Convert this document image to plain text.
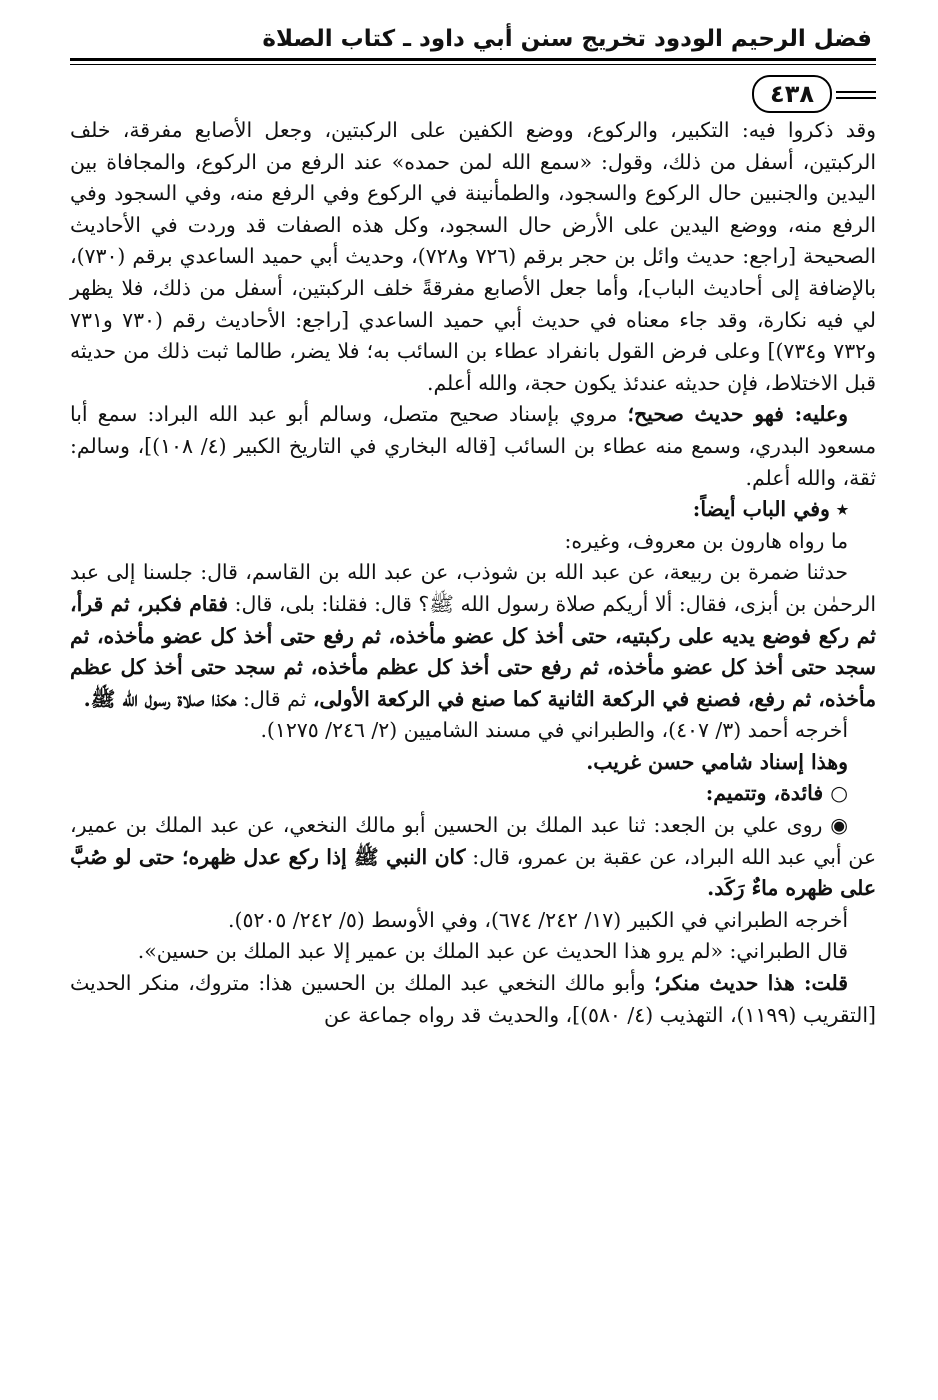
فضل الرحيم الودود تخريج سنن أبي داود ـ كتاب الصلاة
٤٣٨

وقد ذكروا فيه: التكبير، والركوع، ووضع الكفين على الركبتين، وجعل الأصابع مفرقة، خلف الركبتين، أسفل من ذلك، وقول: «سمع الله لمن حمده» عند الرفع من الركوع، والمجافاة بين اليدين والجنبين حال الركوع والسجود، والطمأنينة في الركوع وفي الرفع منه، وفي السجود وفي الرفع منه، ووضع اليدين على الأرض حال السجود، وكل هذه الصفات قد وردت في الأحاديث الصحيحة [راجع: حديث وائل بن حجر برقم (٧٢٦ و٧٢٨)، وحديث أبي حميد الساعدي برقم (٧٣٠)، بالإضافة إلى أحاديث الباب]، وأما جعل الأصابع مفرقةً خلف الركبتين، أسفل من ذلك، فلا يظهر لي فيه نكارة، وقد جاء معناه في حديث أبي حميد الساعدي [راجع: الأحاديث رقم (٧٣٠ و٧٣١ و٧٣٢ و٧٣٤)] وعلى فرض القول بانفراد عطاء بن السائب به؛ فلا يضر، طالما ثبت ذلك من حديثه قبل الاختلاط، فإن حديثه عندئذ يكون حجة، والله أعلم.

وعليه: فهو حديث صحيح؛ مروي بإسناد صحيح متصل، وسالم أبو عبد الله البراد: سمع أبا مسعود البدري، وسمع منه عطاء بن السائب [قاله البخاري في التاريخ الكبير (٤/ ١٠٨)]، وسالم: ثقة، والله أعلم.

٭ وفي الباب أيضاً:

ما رواه هارون بن معروف، وغيره:

حدثنا ضمرة بن ربيعة، عن عبد الله بن شوذب، عن عبد الله بن القاسم، قال: جلسنا إلى عبد الرحمٰن بن أبزى، فقال: ألا أريكم صلاة رسول الله ﷺ؟ قال: فقلنا: بلى، قال: فقام فكبر، ثم قرأ، ثم ركع فوضع يديه على ركبتيه، حتى أخذ كل عضو مأخذه، ثم رفع حتى أخذ كل عضو مأخذه، ثم سجد حتى أخذ كل عضو مأخذه، ثم رفع حتى أخذ كل عظم مأخذه، ثم سجد حتى أخذ كل عظم مأخذه، ثم رفع، فصنع في الركعة الثانية كما صنع في الركعة الأولى، ثم قال: هكذا صلاة رسول الله ﷺ.

أخرجه أحمد (٣/ ٤٠٧)، والطبراني في مسند الشاميين (٢/ ٢٤٦/ ١٢٧٥).

وهذا إسناد شامي حسن غريب.

○ فائدة، وتتميم:

◉ روى علي بن الجعد: ثنا عبد الملك بن الحسين أبو مالك النخعي، عن عبد الملك بن عمير، عن أبي عبد الله البراد، عن عقبة بن عمرو، قال: كان النبي ﷺ إذا ركع عدل ظهره؛ حتى لو صُبَّ على ظهره ماءٌ رَكَد.

أخرجه الطبراني في الكبير (١٧/ ٢٤٢/ ٦٧٤)، وفي الأوسط (٥/ ٢٤٢/ ٥٢٠٥).

قال الطبراني: «لم يرو هذا الحديث عن عبد الملك بن عمير إلا عبد الملك بن حسين».

قلت: هذا حديث منكر؛ وأبو مالك النخعي عبد الملك بن الحسين هذا: متروك، منكر الحديث [التقريب (١١٩٩)، التهذيب (٤/ ٥٨٠)]، والحديث قد رواه جماعة عن
